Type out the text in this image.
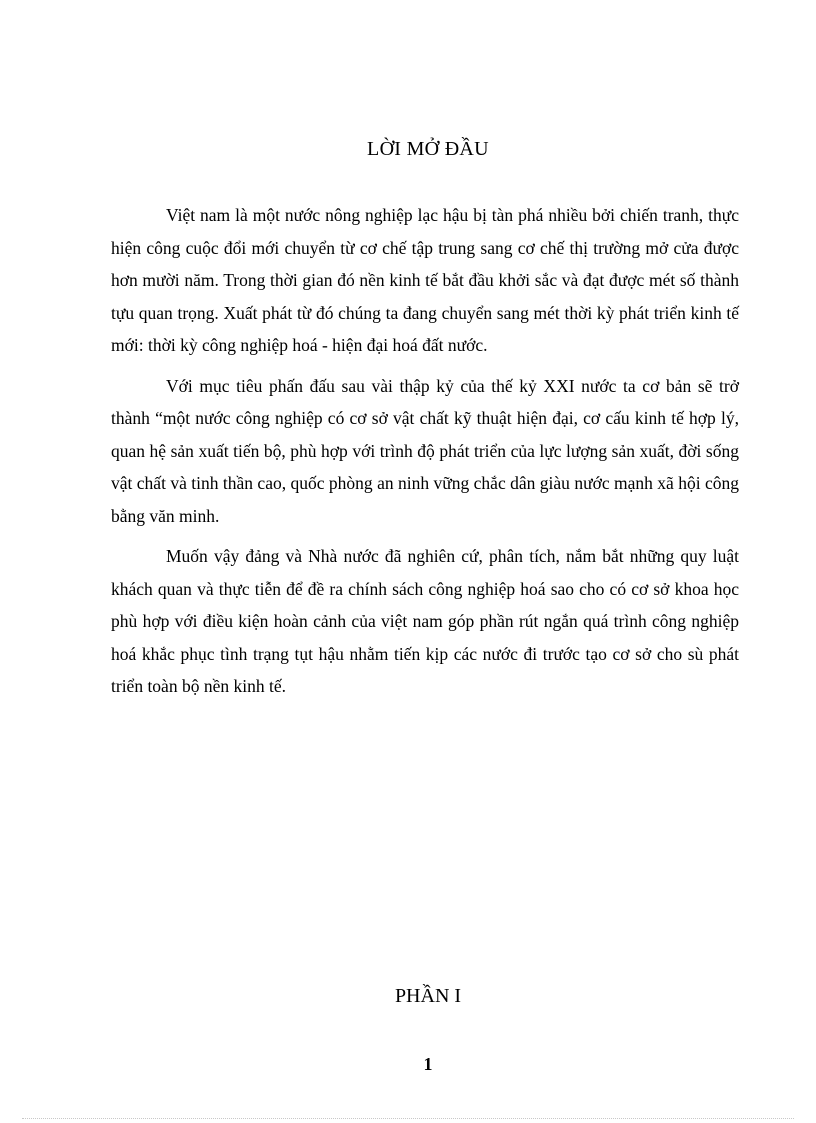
LỜI MỞ ĐẦU

Việt nam là một nước nông nghiệp lạc hậu bị tàn phá nhiều bởi chiến tranh, thực hiện công cuộc đổi mới chuyển từ cơ chế tập trung sang cơ chế thị trường mở cửa được hơn mười năm. Trong thời gian đó nền kinh tế bắt đầu khởi sắc và đạt được mét số thành tựu quan trọng. Xuất phát từ đó chúng ta đang chuyển sang mét thời kỳ phát triển kinh tế mới: thời kỳ công nghiệp hoá - hiện đại hoá đất nước.

Với mục tiêu phấn đấu sau vài thập kỷ của thế kỷ XXI nước ta cơ bản sẽ trở thành “một nước công nghiệp có cơ sở vật chất kỹ thuật hiện đại, cơ cấu kinh tế hợp lý, quan hệ sản xuất tiến bộ, phù hợp với trình độ phát triển của lực lượng sản xuất, đời sống vật chất và tinh thần cao, quốc phòng an ninh vững chắc dân giàu nước mạnh xã hội công bằng văn minh.

Muốn vậy đảng và Nhà nước đã nghiên cứ, phân tích, nắm bắt những quy luật khách quan và thực tiễn để đề ra chính sách công nghiệp hoá sao cho có cơ sở khoa học phù hợp với điều kiện hoàn cảnh của việt nam góp phần rút ngắn quá trình công nghiệp hoá khắc phục tình trạng tụt hậu nhằm tiến kịp các nước đi trước tạo cơ sở cho sù phát triển toàn bộ nền kinh tế.

PHẦN I
1
